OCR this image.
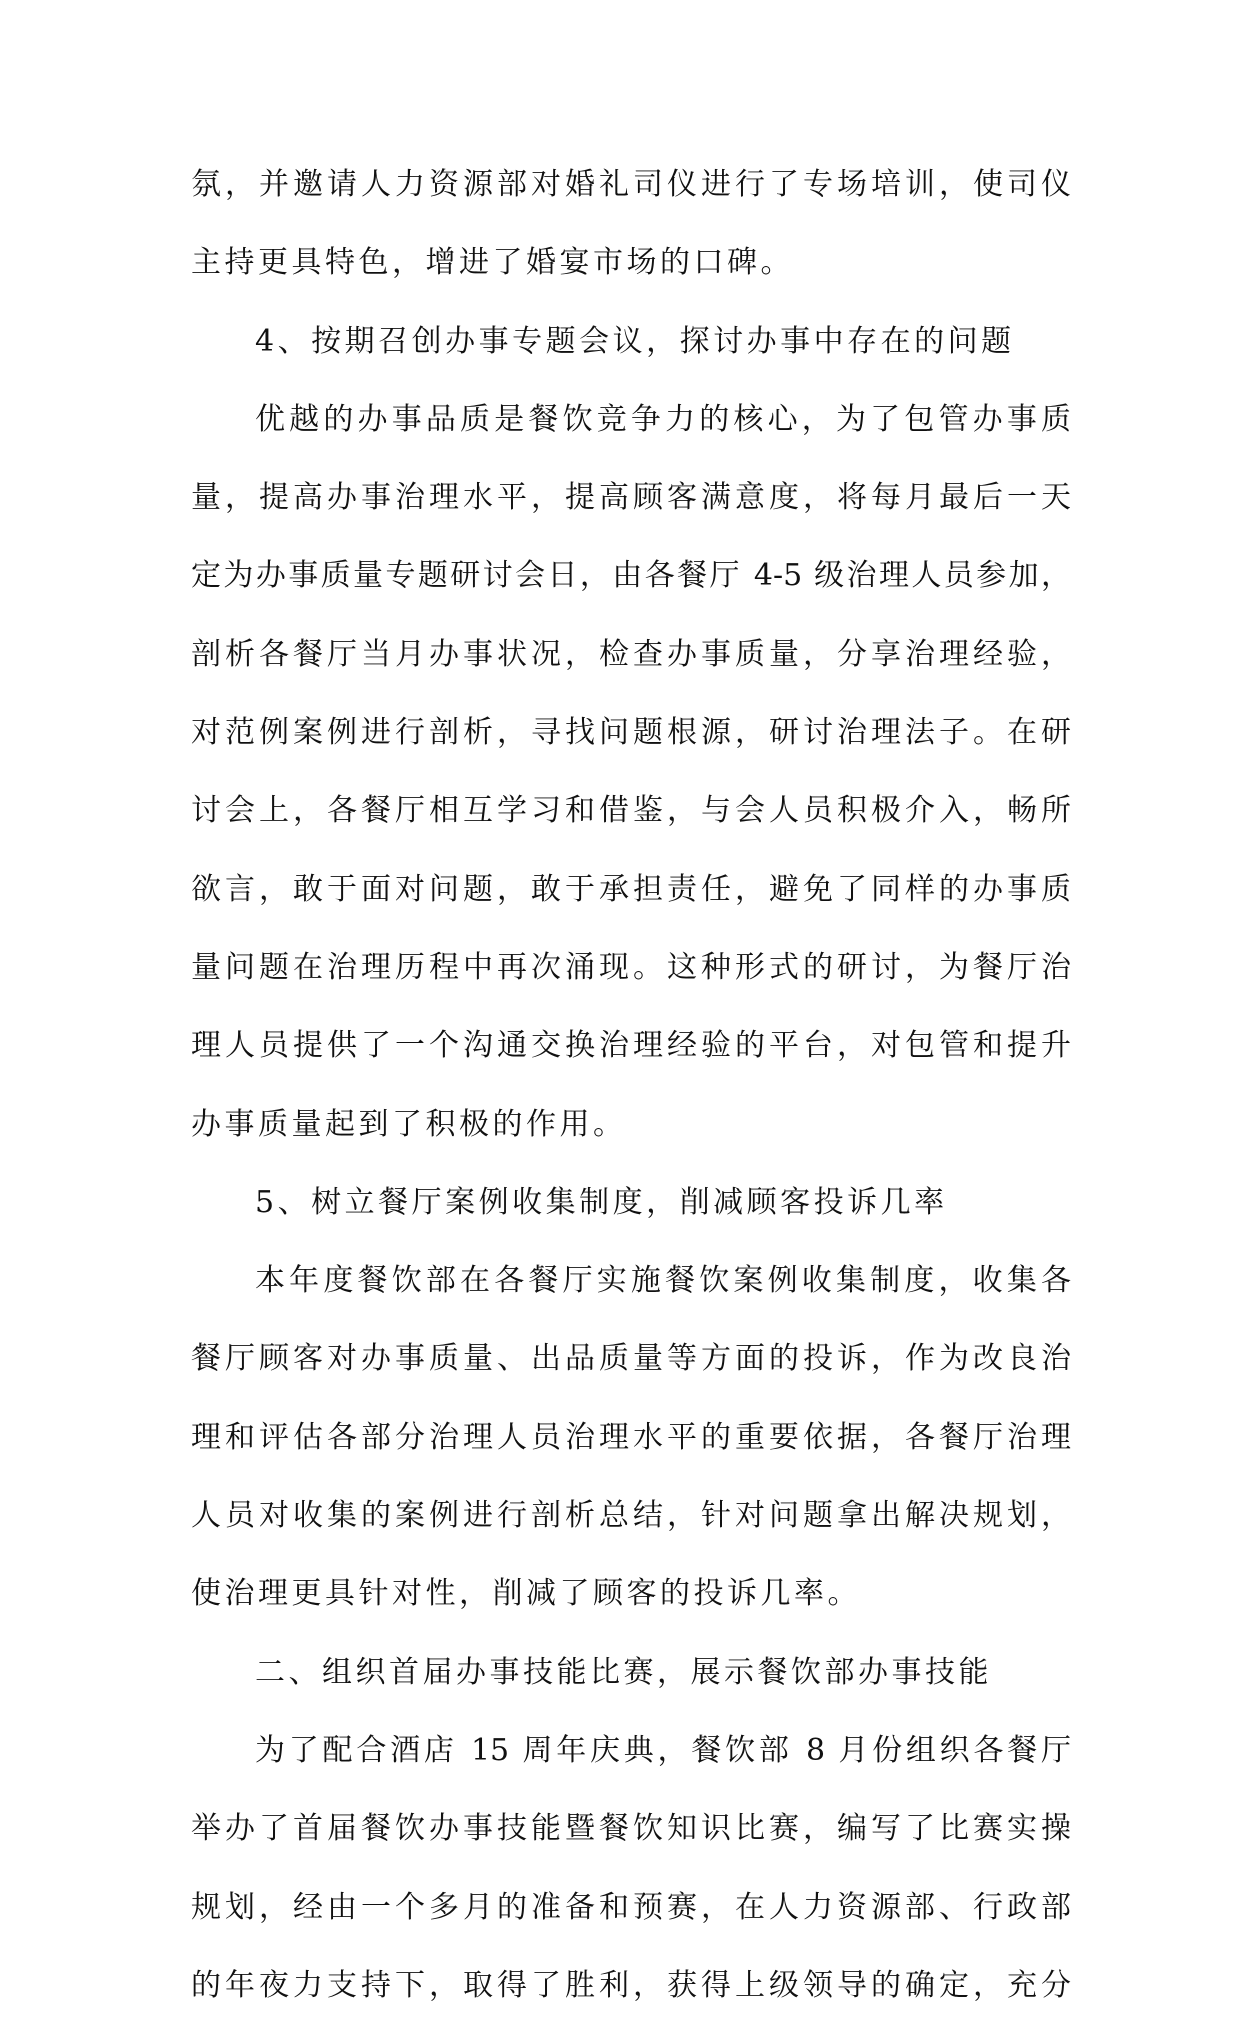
氛，并邀请人力资源部对婚礼司仪进行了专场培训，使司仪
主持更具特色，增进了婚宴市场的口碑。
4、按期召创办事专题会议，探讨办事中存在的问题
优越的办事品质是餐饮竞争力的核心，为了包管办事质
量，提高办事治理水平，提高顾客满意度，将每月最后一天
定为办事质量专题研讨会日，由各餐厅 4-5 级治理人员参加，
剖析各餐厅当月办事状况，检查办事质量，分享治理经验，
对范例案例进行剖析，寻找问题根源，研讨治理法子。在研
讨会上，各餐厅相互学习和借鉴，与会人员积极介入，畅所
欲言，敢于面对问题，敢于承担责任，避免了同样的办事质
量问题在治理历程中再次涌现。这种形式的研讨，为餐厅治
理人员提供了一个沟通交换治理经验的平台，对包管和提升
办事质量起到了积极的作用。
5、树立餐厅案例收集制度，削减顾客投诉几率
本年度餐饮部在各餐厅实施餐饮案例收集制度，收集各
餐厅顾客对办事质量、出品质量等方面的投诉，作为改良治
理和评估各部分治理人员治理水平的重要依据，各餐厅治理
人员对收集的案例进行剖析总结，针对问题拿出解决规划，
使治理更具针对性，削减了顾客的投诉几率。
二、组织首届办事技能比赛，展示餐饮部办事技能
为了配合酒店 15 周年庆典，餐饮部 8 月份组织各餐厅
举办了首届餐饮办事技能暨餐饮知识比赛，编写了比赛实操
规划，经由一个多月的准备和预赛，在人力资源部、行政部
的年夜力支持下，取得了胜利，获得上级领导的确定，充分
